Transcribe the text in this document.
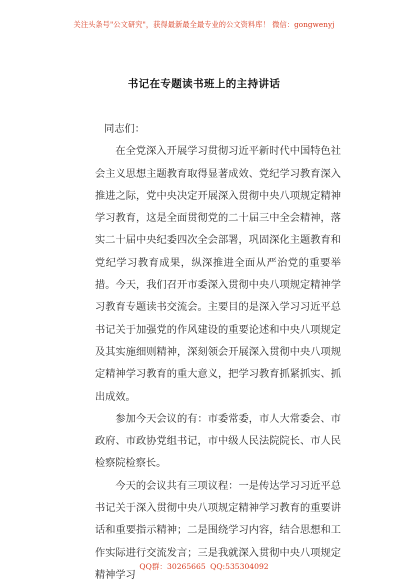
关注头条号"公文研究"，获得最新最全最专业的公文资料库！ 微信：gongwenyj
书记在专题读书班上的主持讲话

同志们：

在全党深入开展学习贯彻习近平新时代中国特色社会主义思想主题教育取得显著成效、党纪学习教育深入推进之际，党中央决定开展深入贯彻中央八项规定精神学习教育，这是全面贯彻党的二十届三中全会精神，落实二十届中央纪委四次全会部署，巩固深化主题教育和党纪学习教育成果，纵深推进全面从严治党的重要举措。今天，我们召开市委深入贯彻中央八项规定精神学习教育专题读书交流会。主要目的是深入学习习近平总书记关于加强党的作风建设的重要论述和中央八项规定及其实施细则精神，深刻领会开展深入贯彻中央八项规定精神学习教育的重大意义，把学习教育抓紧抓实、抓出成效。

参加今天会议的有：市委常委，市人大常委会、市政府、市政协党组书记，市中级人民法院院长、市人民检察院检察长。

今天的会议共有三项议程：一是传达学习习近平总书记关于深入贯彻中央八项规定精神学习教育的重要讲话和重要指示精神；二是围绕学习内容，结合思想和工作实际进行交流发言；三是我就深入贯彻中央八项规定精神学习

QQ群：30265665 QQ:535304092
